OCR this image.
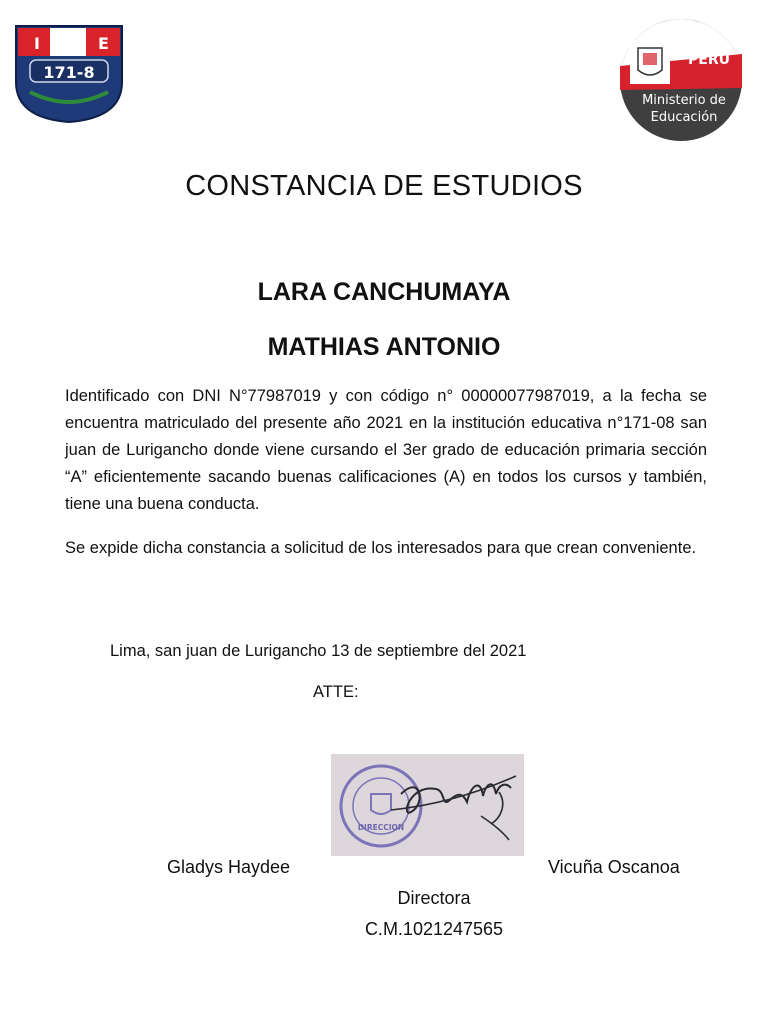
I	E
171-8
PERÚ
Ministerio de
Educación
CONSTANCIA DE ESTUDIOS
LARA CANCHUMAYA
MATHIAS ANTONIO
Identificado con DNI N°77987019 y con código n° 00000077987019, a la fecha se encuentra matriculado del presente año 2021 en la institución educativa n°171-08 san juan de Lurigancho donde viene cursando el 3er grado de educación primaria sección “A” eficientemente sacando buenas calificaciones (A) en todos los cursos y también, tiene una buena conducta.
Se expide dicha constancia a solicitud de los interesados para que crean conveniente.
Lima, san juan de Lurigancho 13 de septiembre del 2021
ATTE:
DIRECCION
Gladys Haydee	Vicuña Oscanoa
Directora
C.M.1021247565
